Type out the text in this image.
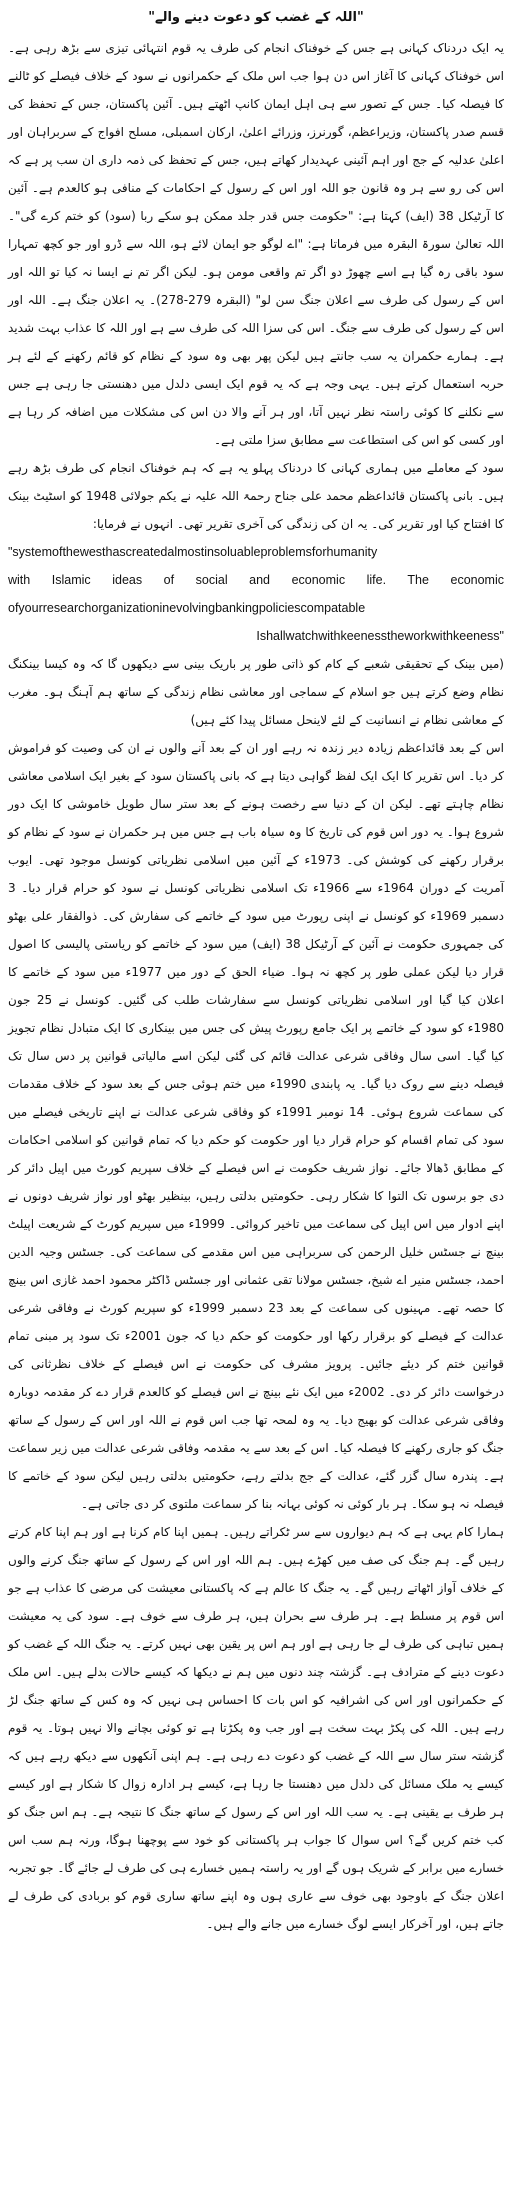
"اللہ کے غضب کو دعوت دینے والے"

یہ ایک دردناک کہانی ہے جس کے خوفناک انجام کی طرف یہ قوم انتہائی تیزی سے بڑھ رہی ہے۔ اس خوفناک کہانی کا آغاز اس دن ہوا جب اس ملک کے حکمرانوں نے سود کے خلاف فیصلے کو ٹالنے کا فیصلہ کیا۔ جس کے تصور سے ہی اہل ایمان کانپ اٹھتے ہیں۔ آئین پاکستان، جس کے تحفظ کی قسم صدر پاکستان، وزیراعظم، گورنرز، وزرائے اعلیٰ، ارکان اسمبلی، مسلح افواج کے سربراہان اور اعلیٰ عدلیہ کے جج اور اہم آئینی عہدیدار کھاتے ہیں، جس کے تحفظ کی ذمہ داری ان سب پر ہے کہ اس کی رو سے ہر وہ قانون جو اللہ اور اس کے رسول کے احکامات کے منافی ہو کالعدم ہے۔ آئین کا آرٹیکل 38 (ایف) کہتا ہے: "حکومت جس قدر جلد ممکن ہو سکے ربا (سود) کو ختم کرے گی"۔ اللہ تعالیٰ سورۃ البقرہ میں فرماتا ہے: "اے لوگو جو ایمان لائے ہو، اللہ سے ڈرو اور جو کچھ تمہارا سود باقی رہ گیا ہے اسے چھوڑ دو اگر تم واقعی مومن ہو۔ لیکن اگر تم نے ایسا نہ کیا تو اللہ اور اس کے رسول کی طرف سے اعلان جنگ سن لو" (البقرہ 279-278)۔ یہ اعلان جنگ ہے۔ اللہ اور اس کے رسول کی طرف سے جنگ۔ اس کی سزا اللہ کی طرف سے ہے اور اللہ کا عذاب بہت شدید ہے۔ ہمارے حکمران یہ سب جانتے ہیں لیکن پھر بھی وہ سود کے نظام کو قائم رکھنے کے لئے ہر حربہ استعمال کرتے ہیں۔ یہی وجہ ہے کہ یہ قوم ایک ایسی دلدل میں دھنستی جا رہی ہے جس سے نکلنے کا کوئی راستہ نظر نہیں آتا، اور ہر آنے والا دن اس کی مشکلات میں اضافہ کر رہا ہے اور کسی کو اس کی استطاعت سے مطابق سزا ملتی ہے۔

سود کے معاملے میں ہماری کہانی کا دردناک پہلو یہ ہے کہ ہم خوفناک انجام کی طرف بڑھ رہے ہیں۔ بانی پاکستان قائداعظم محمد علی جناح رحمۃ اللہ علیہ نے یکم جولائی 1948 کو اسٹیٹ بینک کا افتتاح کیا اور تقریر کی۔ یہ ان کی زندگی کی آخری تقریر تھی۔ انہوں نے فرمایا:

"systemofthewesthascreatedalmostinsoluableproblemsforhumanity
with Islamic ideas of social and economic life. The economic
ofyourresearchorganizationinevolvingbankingpoliciescompatable
Ishallwatchwithkeenesstheworkwithkeeness"

(میں بینک کے تحقیقی شعبے کے کام کو ذاتی طور پر باریک بینی سے دیکھوں گا کہ وہ کیسا بینکنگ نظام وضع کرتے ہیں جو اسلام کے سماجی اور معاشی نظام زندگی کے ساتھ ہم آہنگ ہو۔ مغرب کے معاشی نظام نے انسانیت کے لئے لاینحل مسائل پیدا کئے ہیں)

اس کے بعد قائداعظم زیادہ دیر زندہ نہ رہے اور ان کے بعد آنے والوں نے ان کی وصیت کو فراموش کر دیا۔ اس تقریر کا ایک ایک لفظ گواہی دیتا ہے کہ بانی پاکستان سود کے بغیر ایک اسلامی معاشی نظام چاہتے تھے۔ لیکن ان کے دنیا سے رخصت ہونے کے بعد ستر سال طویل خاموشی کا ایک دور شروع ہوا۔ یہ دور اس قوم کی تاریخ کا وہ سیاہ باب ہے جس میں ہر حکمران نے سود کے نظام کو برقرار رکھنے کی کوشش کی۔ 1973ء کے آئین میں اسلامی نظریاتی کونسل موجود تھی۔ ایوب آمریت کے دوران 1964ء سے 1966ء تک اسلامی نظریاتی کونسل نے سود کو حرام قرار دیا۔ 3 دسمبر 1969ء کو کونسل نے اپنی رپورٹ میں سود کے خاتمے کی سفارش کی۔ ذوالفقار علی بھٹو کی جمہوری حکومت نے آئین کے آرٹیکل 38 (ایف) میں سود کے خاتمے کو ریاستی پالیسی کا اصول قرار دیا لیکن عملی طور پر کچھ نہ ہوا۔ ضیاء الحق کے دور میں 1977ء میں سود کے خاتمے کا اعلان کیا گیا اور اسلامی نظریاتی کونسل سے سفارشات طلب کی گئیں۔ کونسل نے 25 جون 1980ء کو سود کے خاتمے پر ایک جامع رپورٹ پیش کی جس میں بینکاری کا ایک متبادل نظام تجویز کیا گیا۔ اسی سال وفاقی شرعی عدالت قائم کی گئی لیکن اسے مالیاتی قوانین پر دس سال تک فیصلہ دینے سے روک دیا گیا۔ یہ پابندی 1990ء میں ختم ہوئی جس کے بعد سود کے خلاف مقدمات کی سماعت شروع ہوئی۔ 14 نومبر 1991ء کو وفاقی شرعی عدالت نے اپنے تاریخی فیصلے میں سود کی تمام اقسام کو حرام قرار دیا اور حکومت کو حکم دیا کہ تمام قوانین کو اسلامی احکامات کے مطابق ڈھالا جائے۔ نواز شریف حکومت نے اس فیصلے کے خلاف سپریم کورٹ میں اپیل دائر کر دی جو برسوں تک التوا کا شکار رہی۔ حکومتیں بدلتی رہیں، بینظیر بھٹو اور نواز شریف دونوں نے اپنے ادوار میں اس اپیل کی سماعت میں تاخیر کروائی۔ 1999ء میں سپریم کورٹ کے شریعت اپیلٹ بینچ نے جسٹس خلیل الرحمن کی سربراہی میں اس مقدمے کی سماعت کی۔ جسٹس وجیہ الدین احمد، جسٹس منیر اے شیخ، جسٹس مولانا تقی عثمانی اور جسٹس ڈاکٹر محمود احمد غازی اس بینچ کا حصہ تھے۔ مہینوں کی سماعت کے بعد 23 دسمبر 1999ء کو سپریم کورٹ نے وفاقی شرعی عدالت کے فیصلے کو برقرار رکھا اور حکومت کو حکم دیا کہ جون 2001ء تک سود پر مبنی تمام قوانین ختم کر دیئے جائیں۔ پرویز مشرف کی حکومت نے اس فیصلے کے خلاف نظرثانی کی درخواست دائر کر دی۔ 2002ء میں ایک نئے بینچ نے اس فیصلے کو کالعدم قرار دے کر مقدمہ دوبارہ وفاقی شرعی عدالت کو بھیج دیا۔ یہ وہ لمحہ تھا جب اس قوم نے اللہ اور اس کے رسول کے ساتھ جنگ کو جاری رکھنے کا فیصلہ کیا۔ اس کے بعد سے یہ مقدمہ وفاقی شرعی عدالت میں زیر سماعت ہے۔ پندرہ سال گزر گئے، عدالت کے جج بدلتے رہے، حکومتیں بدلتی رہیں لیکن سود کے خاتمے کا فیصلہ نہ ہو سکا۔ ہر بار کوئی نہ کوئی بہانہ بنا کر سماعت ملتوی کر دی جاتی ہے۔

ہمارا کام یہی ہے کہ ہم دیواروں سے سر ٹکراتے رہیں۔ ہمیں اپنا کام کرنا ہے اور ہم اپنا کام کرتے رہیں گے۔ ہم جنگ کی صف میں کھڑے ہیں۔ ہم اللہ اور اس کے رسول کے ساتھ جنگ کرنے والوں کے خلاف آواز اٹھاتے رہیں گے۔ یہ جنگ کا عالم ہے کہ پاکستانی معیشت کی مرضی کا عذاب ہے جو اس قوم پر مسلط ہے۔ ہر طرف سے بحران ہیں، ہر طرف سے خوف ہے۔ سود کی یہ معیشت ہمیں تباہی کی طرف لے جا رہی ہے اور ہم اس پر یقین بھی نہیں کرتے۔ یہ جنگ اللہ کے غضب کو دعوت دینے کے مترادف ہے۔ گزشتہ چند دنوں میں ہم نے دیکھا کہ کیسے حالات بدلے ہیں۔ اس ملک کے حکمرانوں اور اس کی اشرافیہ کو اس بات کا احساس ہی نہیں کہ وہ کس کے ساتھ جنگ لڑ رہے ہیں۔ اللہ کی پکڑ بہت سخت ہے اور جب وہ پکڑتا ہے تو کوئی بچانے والا نہیں ہوتا۔ یہ قوم گزشتہ ستر سال سے اللہ کے غضب کو دعوت دے رہی ہے۔ ہم اپنی آنکھوں سے دیکھ رہے ہیں کہ کیسے یہ ملک مسائل کی دلدل میں دھنستا جا رہا ہے، کیسے ہر ادارہ زوال کا شکار ہے اور کیسے ہر طرف بے یقینی ہے۔ یہ سب اللہ اور اس کے رسول کے ساتھ جنگ کا نتیجہ ہے۔ ہم اس جنگ کو کب ختم کریں گے؟ اس سوال کا جواب ہر پاکستانی کو خود سے پوچھنا ہوگا، ورنہ ہم سب اس خسارے میں برابر کے شریک ہوں گے اور یہ راستہ ہمیں خسارے ہی کی طرف لے جائے گا۔ جو تجربہ اعلان جنگ کے باوجود بھی خوف سے عاری ہوں وہ اپنے ساتھ ساری قوم کو بربادی کی طرف لے جاتے ہیں، اور آخرکار ایسے لوگ خسارے میں جانے والے ہیں۔
